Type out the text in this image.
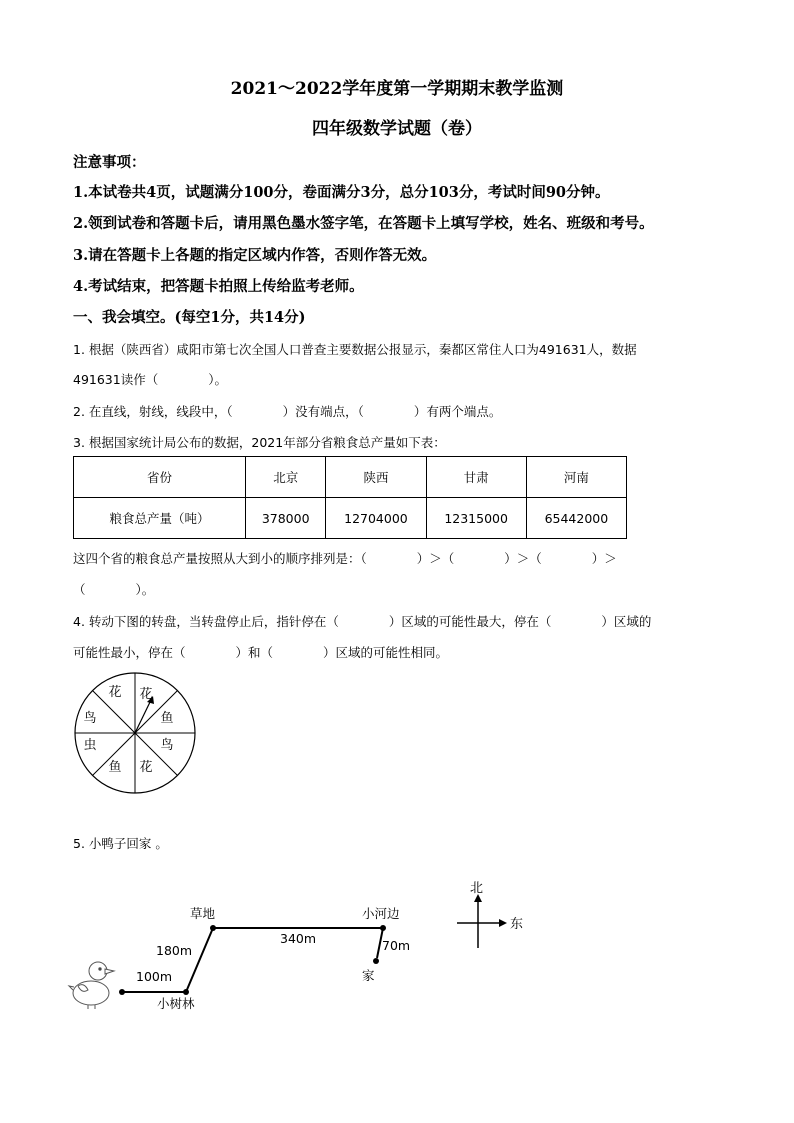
2021～2022学年度第一学期期末教学监测
四年级数学试题（卷）
注意事项：
1.本试卷共4页，试题满分100分，卷面满分3分，总分103分，考试时间90分钟。
2.领到试卷和答题卡后，请用黑色墨水签字笔，在答题卡上填写学校，姓名、班级和考号。
3.请在答题卡上各题的指定区域内作答，否则作答无效。
4.考试结束，把答题卡拍照上传给监考老师。
一、我会填空。(每空1分，共14分)
1. 根据（陕西省）咸阳市第七次全国人口普查主要数据公报显示，秦都区常住人口为491631人，数据
491631读作（　　　　）。
2. 在直线，射线，线段中，（　　　　）没有端点，（　　　　）有两个端点。
3. 根据国家统计局公布的数据，2021年部分省粮食总产量如下表：
省份	北京	陕西	甘肃	河南
粮食总产量（吨）	378000	12704000	12315000	65442000
这四个省的粮食总产量按照从大到小的顺序排列是：（　　　　）＞（　　　　）＞（　　　　）＞
（　　　　）。
4. 转动下图的转盘，当转盘停止后，指针停在（　　　　）区域的可能性最大，停在（　　　　）区域的
可能性最小，停在（　　　　）和（　　　　）区域的可能性相同。
花
鱼
鸟
花
鱼
虫
鸟
花
5. 小鸭子回家 。
草地	小河边
小树林
家
100m
180m
340m	70m
北
东
